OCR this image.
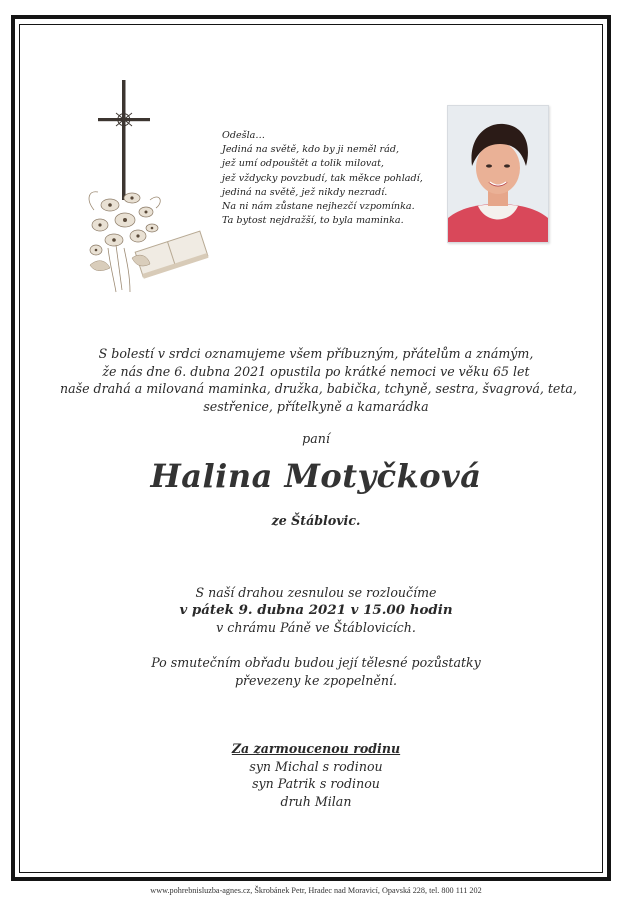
Odešla…
Jediná na světě, kdo by ji neměl rád,
jež umí odpouštět a tolik milovat,
jež vždycky povzbudí, tak měkce pohladí,
jediná na světě, jež nikdy nezradí.
Na ni nám zůstane nejhezčí vzpomínka.
Ta bytost nejdražší, to byla maminka.
S bolestí v srdci oznamujeme všem příbuzným, přátelům a známým,
že nás dne 6. dubna 2021 opustila po krátké nemoci ve věku 65 let
naše drahá a milovaná maminka, družka, babička, tchyně, sestra, švagrová, teta,
sestřenice, přítelkyně a kamarádka
paní
Halina Motyčková
ze Štáblovic.
S naší drahou zesnulou se rozloučíme
v pátek 9. dubna 2021 v 15.00 hodin
v chrámu Páně ve Štáblovicích.
Po smutečním obřadu budou její tělesné pozůstatky
převezeny ke zpopelnění.
Za zarmoucenou rodinu
syn Michal s rodinou
syn Patrik s rodinou
druh Milan
www.pohrebnisluzba-agnes.cz, Škrobánek Petr, Hradec nad Moravicí, Opavská 228, tel. 800 111 202
